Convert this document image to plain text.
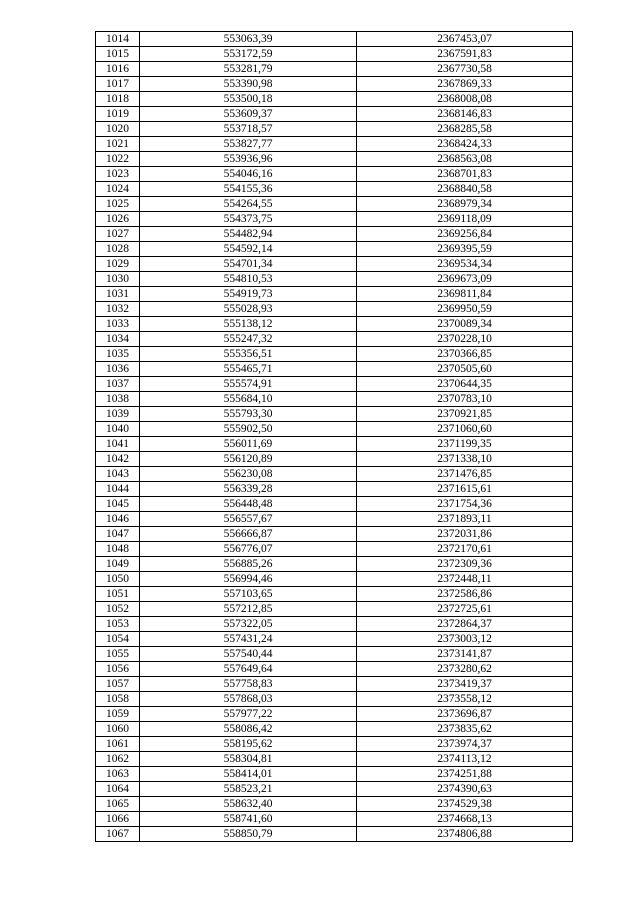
1014	553063,39	2367453,07
1015	553172,59	2367591,83
1016	553281,79	2367730,58
1017	553390,98	2367869,33
1018	553500,18	2368008,08
1019	553609,37	2368146,83
1020	553718,57	2368285,58
1021	553827,77	2368424,33
1022	553936,96	2368563,08
1023	554046,16	2368701,83
1024	554155,36	2368840,58
1025	554264,55	2368979,34
1026	554373,75	2369118,09
1027	554482,94	2369256,84
1028	554592,14	2369395,59
1029	554701,34	2369534,34
1030	554810,53	2369673,09
1031	554919,73	2369811,84
1032	555028,93	2369950,59
1033	555138,12	2370089,34
1034	555247,32	2370228,10
1035	555356,51	2370366,85
1036	555465,71	2370505,60
1037	555574,91	2370644,35
1038	555684,10	2370783,10
1039	555793,30	2370921,85
1040	555902,50	2371060,60
1041	556011,69	2371199,35
1042	556120,89	2371338,10
1043	556230,08	2371476,85
1044	556339,28	2371615,61
1045	556448,48	2371754,36
1046	556557,67	2371893,11
1047	556666,87	2372031,86
1048	556776,07	2372170,61
1049	556885,26	2372309,36
1050	556994,46	2372448,11
1051	557103,65	2372586,86
1052	557212,85	2372725,61
1053	557322,05	2372864,37
1054	557431,24	2373003,12
1055	557540,44	2373141,87
1056	557649,64	2373280,62
1057	557758,83	2373419,37
1058	557868,03	2373558,12
1059	557977,22	2373696,87
1060	558086,42	2373835,62
1061	558195,62	2373974,37
1062	558304,81	2374113,12
1063	558414,01	2374251,88
1064	558523,21	2374390,63
1065	558632,40	2374529,38
1066	558741,60	2374668,13
1067	558850,79	2374806,88
